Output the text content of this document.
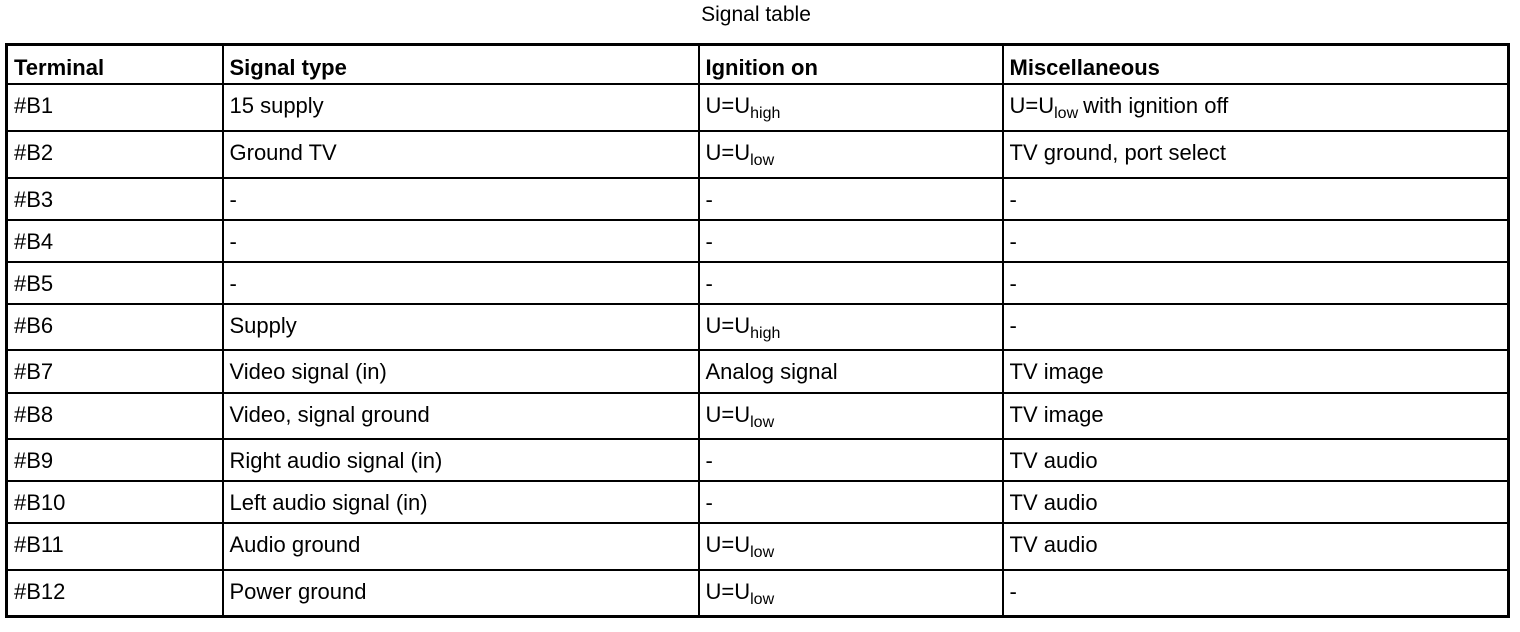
Signal table
Terminal	Signal type	Ignition on	Miscellaneous
#B1	15 supply	$U=U_{high}$	$U=U_{low}$ with ignition off
#B2	Ground TV	$U=U_{low}$	TV ground, port select
#B3	-	-	-
#B4	-	-	-
#B5	-	-	-
#B6	Supply	$U=U_{high}$	-
#B7	Video signal (in)	Analog signal	TV image
#B8	Video, signal ground	$U=U_{low}$	TV image
#B9	Right audio signal (in)	-	TV audio
#B10	Left audio signal (in)	-	TV audio
#B11	Audio ground	$U=U_{low}$	TV audio
#B12	Power ground	$U=U_{low}$	-
